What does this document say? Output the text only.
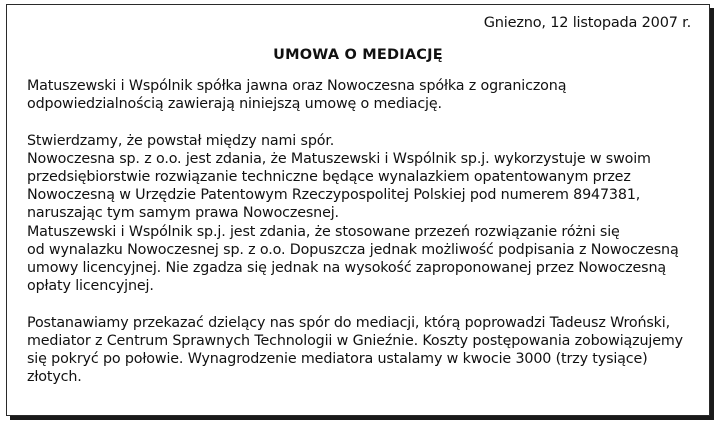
Gniezno, 12 listopada 2007 r.
UMOWA O MEDIACJĘ

Matuszewski i Wspólnik spółka jawna oraz Nowoczesna spółka z ograniczoną
odpowiedzialnością zawierają niniejszą umowę o mediację.

Stwierdzamy, że powstał między nami spór.
Nowoczesna sp. z o.o. jest zdania, że Matuszewski i Wspólnik sp.j. wykorzystuje w swoim
przedsiębiorstwie rozwiązanie techniczne będące wynalazkiem opatentowanym przez
Nowoczesną w Urzędzie Patentowym Rzeczypospolitej Polskiej pod numerem 8947381,
naruszając tym samym prawa Nowoczesnej.
Matuszewski i Wspólnik sp.j. jest zdania, że stosowane przezeń rozwiązanie różni się
od wynalazku Nowoczesnej sp. z o.o. Dopuszcza jednak możliwość podpisania z Nowoczesną
umowy licencyjnej. Nie zgadza się jednak na wysokość zaproponowanej przez Nowoczesną
opłaty licencyjnej.

Postanawiamy przekazać dzielący nas spór do mediacji, którą poprowadzi Tadeusz Wroński,
mediator z Centrum Sprawnych Technologii w Gnieźnie. Koszty postępowania zobowiązujemy
się pokryć po połowie. Wynagrodzenie mediatora ustalamy w kwocie 3000 (trzy tysiące)
złotych.
